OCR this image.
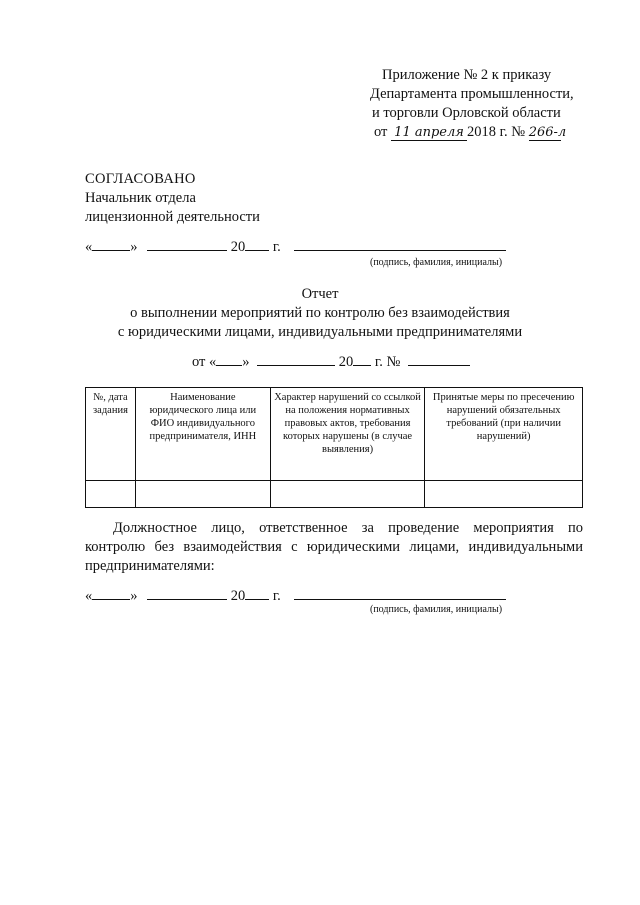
Приложение № 2 к приказу
Департамента промышленности,
и торговли Орловской области
от 11 апреля 2018 г. № 266-л
СОГЛАСОВАНО
Начальник отдела
лицензионной деятельности
«	»	20 г.
(подпись, фамилия, инициалы)
Отчет
о выполнении мероприятий по контролю без взаимодействия
с юридическими лицами, индивидуальными предпринимателями
от « »	20 г. №
№, дата задания	Наименование юридического лица или ФИО индивидуального предпринимателя, ИНН	Характер нарушений со ссылкой на положения нормативных правовых актов, требования которых нарушены (в случае выявления)	Принятые меры по пресечению нарушений обязательных требований (при наличии нарушений)

Должностное лицо, ответственное за проведение мероприятия по

контролю без взаимодействия с юридическими лицами, индивидуальными

предпринимателями:

«	»	20 г.
(подпись, фамилия, инициалы)
